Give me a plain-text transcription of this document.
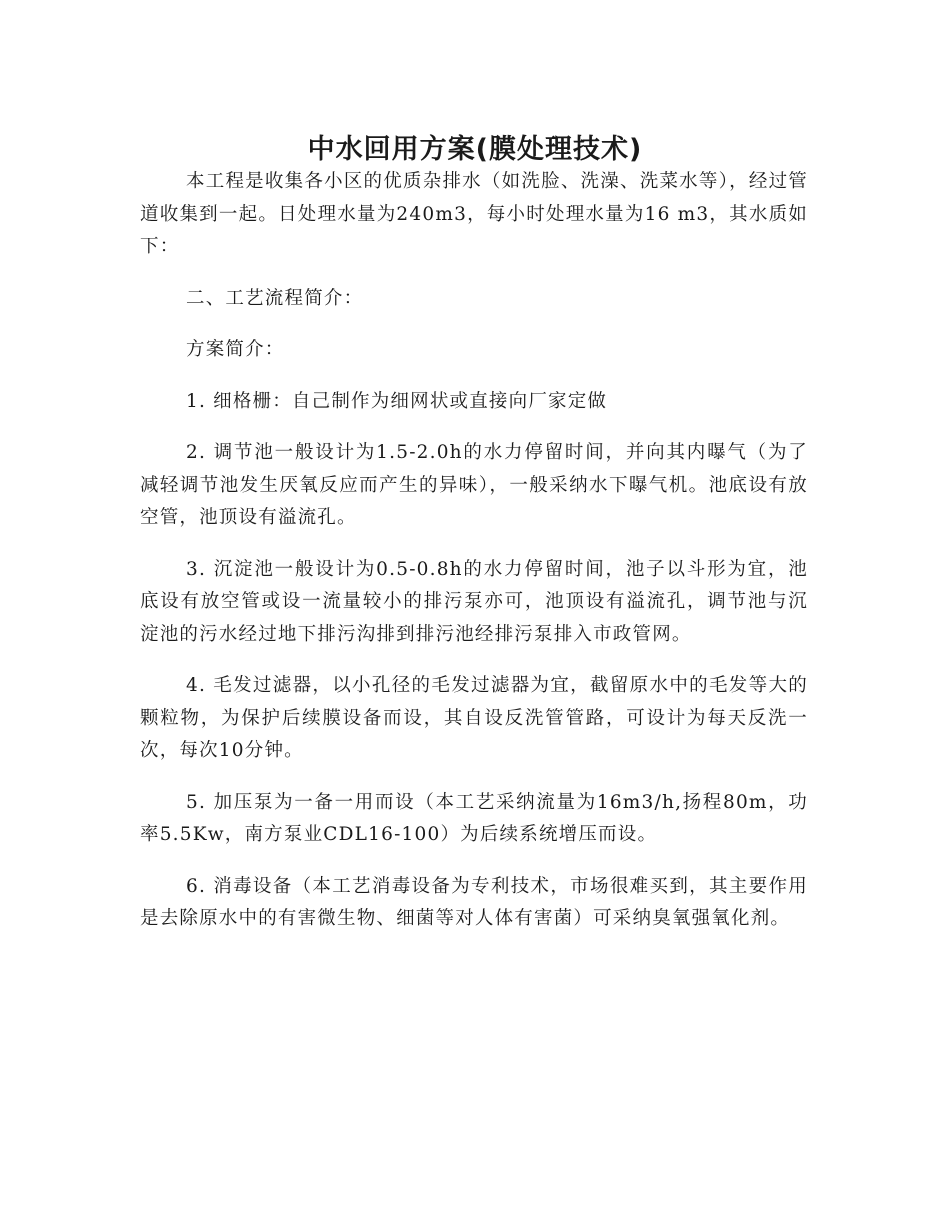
中水回用方案(膜处理技术)

本工程是收集各小区的优质杂排水（如洗脸、洗澡、洗菜水等），经过管道收集到一起。日处理水量为240m3，每小时处理水量为16 m3，其水质如下：

二、工艺流程简介：

方案简介：

1. 细格栅：自己制作为细网状或直接向厂家定做

2. 调节池一般设计为1.5-2.0h的水力停留时间，并向其内曝气（为了减轻调节池发生厌氧反应而产生的异味），一般采纳水下曝气机。池底设有放空管，池顶设有溢流孔。

3. 沉淀池一般设计为0.5-0.8h的水力停留时间，池子以斗形为宜，池底设有放空管或设一流量较小的排污泵亦可，池顶设有溢流孔，调节池与沉淀池的污水经过地下排污沟排到排污池经排污泵排入市政管网。

4. 毛发过滤器，以小孔径的毛发过滤器为宜，截留原水中的毛发等大的颗粒物，为保护后续膜设备而设，其自设反洗管管路，可设计为每天反洗一次，每次10分钟。

5. 加压泵为一备一用而设（本工艺采纳流量为16m3/h,扬程80m，功率5.5Kw，南方泵业CDL16-100）为后续系统增压而设。

6. 消毒设备（本工艺消毒设备为专利技术，市场很难买到，其主要作用是去除原水中的有害微生物、细菌等对人体有害菌）可采纳臭氧强氧化剂。
